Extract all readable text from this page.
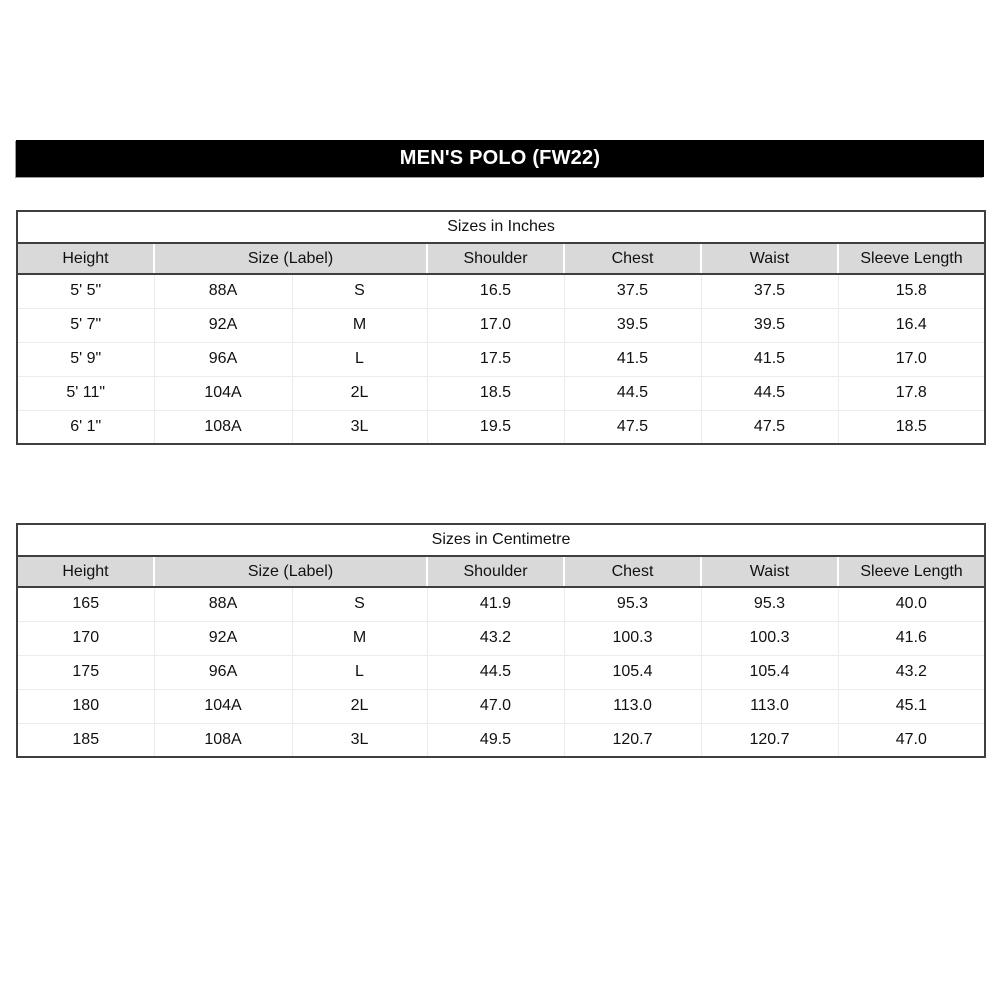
MEN'S POLO (FW22)
Sizes in Inches						
Height	Size (Label)		Shoulder	Chest	Waist	Sleeve Length
5' 5"	88A	S	16.5	37.5	37.5	15.8
5' 7"	92A	M	17.0	39.5	39.5	16.4
5' 9"	96A	L	17.5	41.5	41.5	17.0
5' 11"	104A	2L	18.5	44.5	44.5	17.8
6' 1"	108A	3L	19.5	47.5	47.5	18.5
Sizes in Centimetre						
Height	Size (Label)		Shoulder	Chest	Waist	Sleeve Length
165	88A	S	41.9	95.3	95.3	40.0
170	92A	M	43.2	100.3	100.3	41.6
175	96A	L	44.5	105.4	105.4	43.2
180	104A	2L	47.0	113.0	113.0	45.1
185	108A	3L	49.5	120.7	120.7	47.0
